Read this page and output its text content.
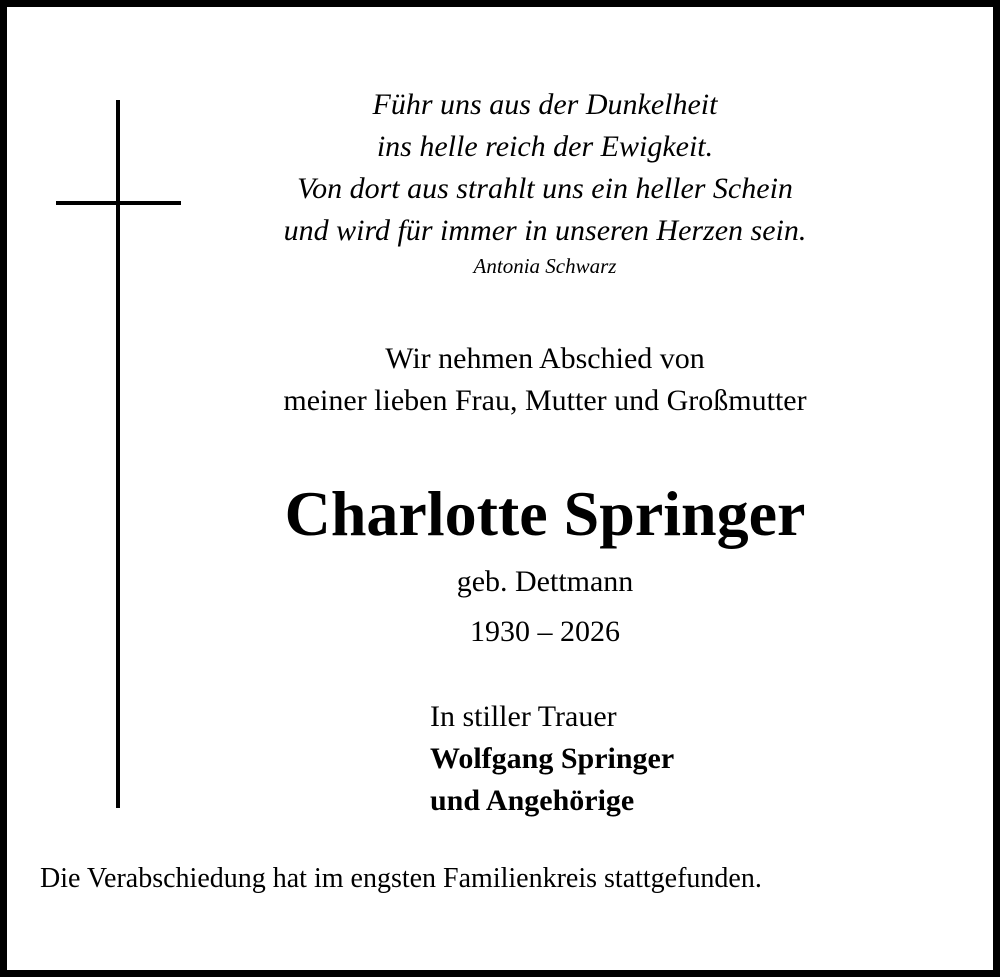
Führ uns aus der Dunkelheit
ins helle reich der Ewigkeit.
Von dort aus strahlt uns ein heller Schein
und wird für immer in unseren Herzen sein.
Antonia Schwarz
Wir nehmen Abschied von
meiner lieben Frau, Mutter und Großmutter
Charlotte Springer
geb. Dettmann
1930 – 2026
In stiller Trauer
Wolfgang Springer
und Angehörige
Die Verabschiedung hat im engsten Familienkreis stattgefunden.
